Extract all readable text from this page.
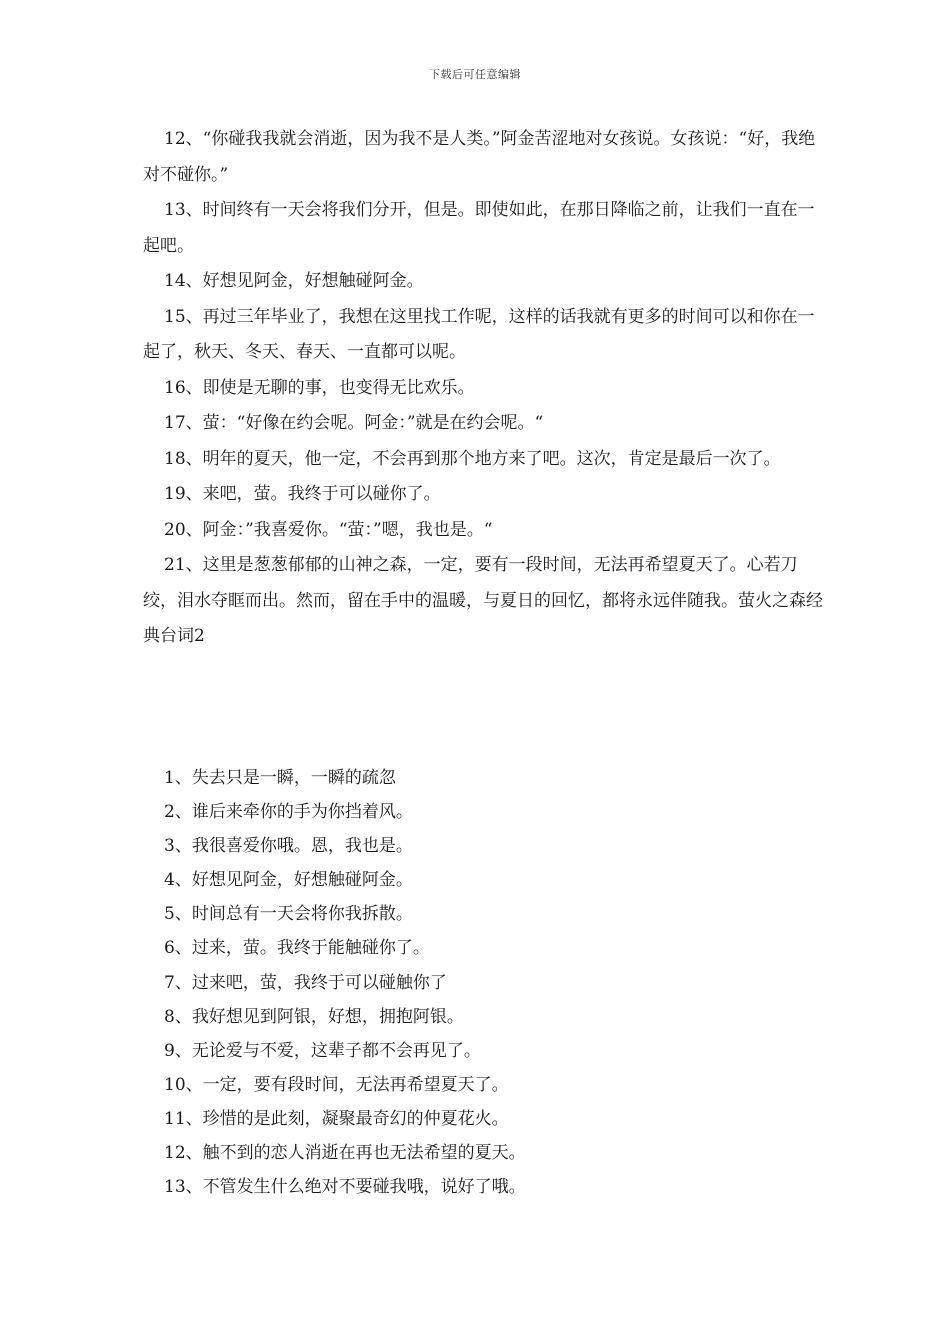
下载后可任意编辑

12、“你碰我我就会消逝，因为我不是人类。”阿金苦涩地对女孩说。女孩说：“好，我绝对不碰你。”

13、时间终有一天会将我们分开，但是。即使如此，在那日降临之前，让我们一直在一起吧。

14、好想见阿金，好想触碰阿金。

15、再过三年毕业了，我想在这里找工作呢，这样的话我就有更多的时间可以和你在一起了，秋天、冬天、春天、一直都可以呢。

16、即使是无聊的事，也变得无比欢乐。

17、萤：“好像在约会呢。阿金：”就是在约会呢。“

18、明年的夏天，他一定，不会再到那个地方来了吧。这次，肯定是最后一次了。

19、来吧，萤。我终于可以碰你了。

20、阿金：”我喜爱你。“萤：”嗯，我也是。“

21、这里是葱葱郁郁的山神之森，一定，要有一段时间，无法再希望夏天了。心若刀绞，泪水夺眶而出。然而，留在手中的温暖，与夏日的回忆，都将永远伴随我。萤火之森经典台词2

1、失去只是一瞬，一瞬的疏忽

2、谁后来牵你的手为你挡着风。

3、我很喜爱你哦。恩，我也是。

4、好想见阿金，好想触碰阿金。

5、时间总有一天会将你我拆散。

6、过来，萤。我终于能触碰你了。

7、过来吧，萤，我终于可以碰触你了

8、我好想见到阿银，好想，拥抱阿银。

9、无论爱与不爱，这辈子都不会再见了。

10、一定，要有段时间，无法再希望夏天了。

11、珍惜的是此刻，凝聚最奇幻的仲夏花火。

12、触不到的恋人消逝在再也无法希望的夏天。

13、不管发生什么绝对不要碰我哦，说好了哦。
